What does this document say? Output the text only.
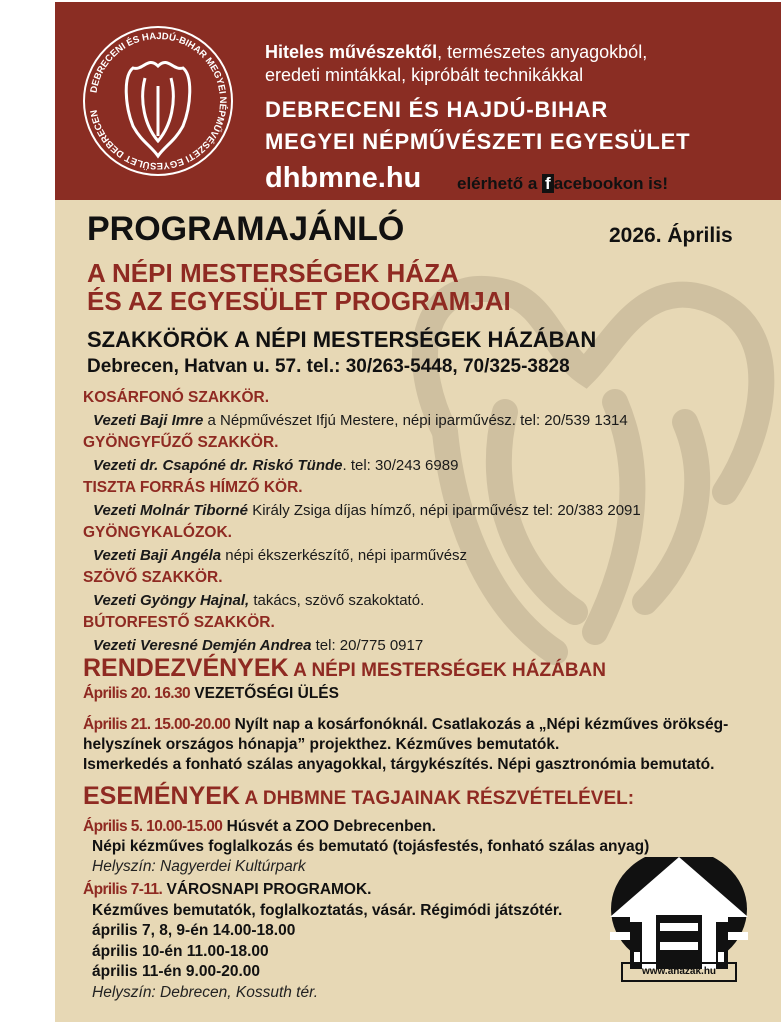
DEBRECENI ÉS HAJDÚ-BIHAR MEGYEI NÉPMŰVÉSZETI EGYESÜLET DEBRECEN
Hiteles művészektől, természetes anyagokból,
eredeti mintákkal, kipróbált technikákkal
DEBRECENI ÉS HAJDÚ-BIHAR
MEGYEI NÉPMŰVÉSZETI EGYESÜLET
dhbmne.hu elérhető a f acebookon is!
PROGRAMAJÁNLÓ	2026. Április
A NÉPI MESTERSÉGEK HÁZA
ÉS AZ EGYESÜLET PROGRAMJAI
SZAKKÖRÖK A NÉPI MESTERSÉGEK HÁZÁBAN
Debrecen, Hatvan u. 57. tel.: 30/263-5448, 70/325-3828
KOSÁRFONÓ SZAKKÖR.
Vezeti Baji Imre a Népművészet Ifjú Mestere, népi iparművész. tel: 20/539 1314
GYÖNGYFŰZŐ SZAKKÖR.
Vezeti dr. Csapóné dr. Riskó Tünde. tel: 30/243 6989
TISZTA FORRÁS HÍMZŐ KÖR.
Vezeti Molnár Tiborné Király Zsiga díjas hímző, népi iparművész tel: 20/383 2091
GYÖNGYKALÓZOK.
Vezeti Baji Angéla népi ékszerkészítő, népi iparművész
SZÖVŐ SZAKKÖR.
Vezeti Gyöngy Hajnal, takács, szövő szakoktató.
BÚTORFESTŐ SZAKKÖR.
Vezeti Veresné Demjén Andrea tel: 20/775 0917
RENDEZVÉNYEK A NÉPI MESTERSÉGEK HÁZÁBAN
Április 20. 16.30 VEZETŐSÉGI ÜLÉS
Április 21. 15.00-20.00 Nyílt nap a kosárfonóknál. Csatlakozás a „Népi kézműves örökség-
helyszínek országos hónapja” projekthez. Kézműves bemutatók.
Ismerkedés a fonható szálas anyagokkal, tárgykészítés. Népi gasztronómia bemutató.
ESEMÉNYEK A DHBMNE TAGJAINAK RÉSZVÉTELÉVEL:
Április 5. 10.00-15.00 Húsvét a ZOO Debrecenben.
Népi kézműves foglalkozás és bemutató (tojásfestés, fonható szálas anyag)
Helyszín: Nagyerdei Kultúrpark
Április 7-11. VÁROSNAPI PROGRAMOK.
Kézműves bemutatók, foglalkoztatás, vásár. Régimódi játszótér.
április 7, 8, 9-én 14.00-18.00
április 10-én 11.00-18.00
április 11-én 9.00-20.00
Helyszín: Debrecen, Kossuth tér.
www.ahazak.hu
